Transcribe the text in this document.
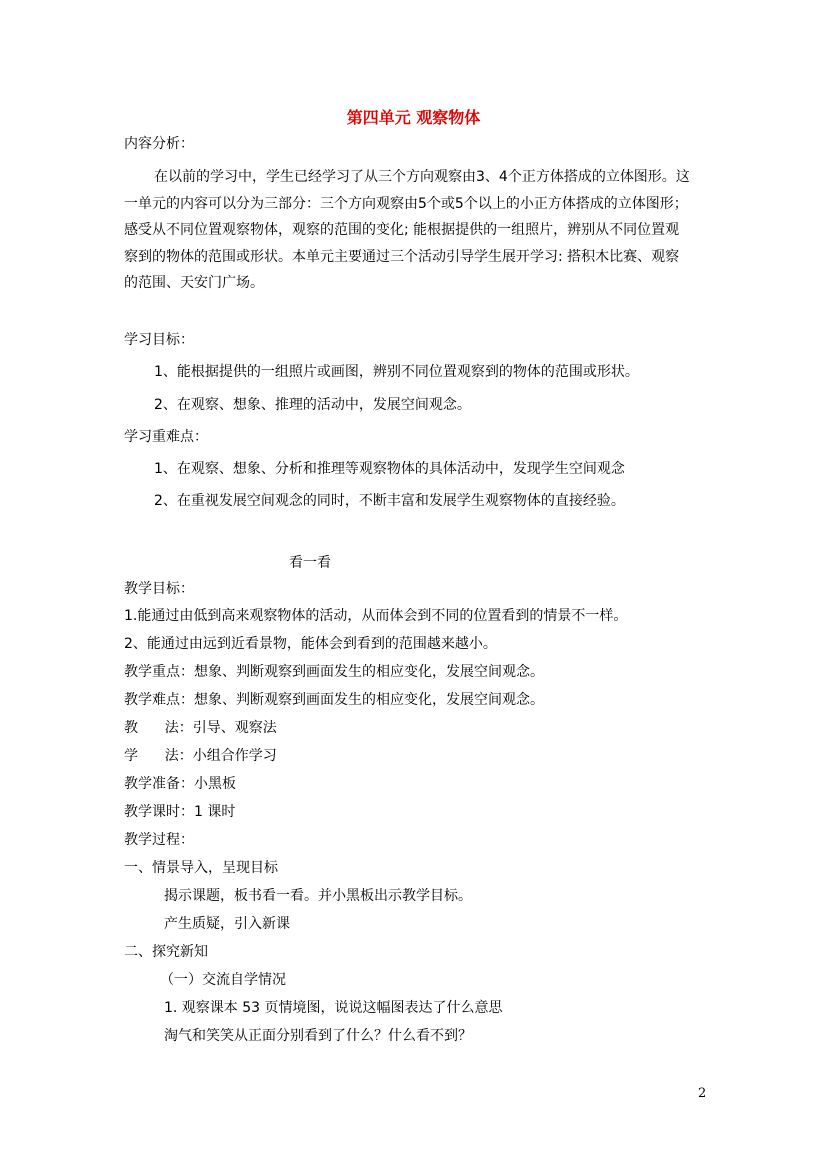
第四单元 观察物体
内容分析：

在以前的学习中，学生已经学习了从三个方向观察由3、4个正方体搭成的立体图形。这

一单元的内容可以分为三部分：三个方向观察由5个或5个以上的小正方体搭成的立体图形；

感受从不同位置观察物体，观察的范围的变化; 能根据提供的一组照片，辨别从不同位置观

察到的物体的范围或形状。本单元主要通过三个活动引导学生展开学习: 搭积木比赛、观察

的范围、天安门广场。

学习目标：
1、能根据提供的一组照片或画图，辨别不同位置观察到的物体的范围或形状。
2、在观察、想象、推理的活动中，发展空间观念。
学习重难点：
1、在观察、想象、分析和推理等观察物体的具体活动中，发现学生空间观念
2、在重视发展空间观念的同时，不断丰富和发展学生观察物体的直接经验。
看一看
教学目标：
1.能通过由低到高来观察物体的活动，从而体会到不同的位置看到的情景不一样。
2、能通过由远到近看景物，能体会到看到的范围越来越小。
教学重点：想象、判断观察到画面发生的相应变化，发展空间观念。
教学难点：想象、判断观察到画面发生的相应变化，发展空间观念。
教      法：引导、观察法
学      法：小组合作学习
教学准备：小黑板
教学课时：1 课时
教学过程：
一、情景导入，呈现目标
揭示课题，板书看一看。并小黑板出示教学目标。
产生质疑，引入新课
二、探究新知
（一）交流自学情况
1. 观察课本 53 页情境图，说说这幅图表达了什么意思
淘气和笑笑从正面分别看到了什么？什么看不到？
2
